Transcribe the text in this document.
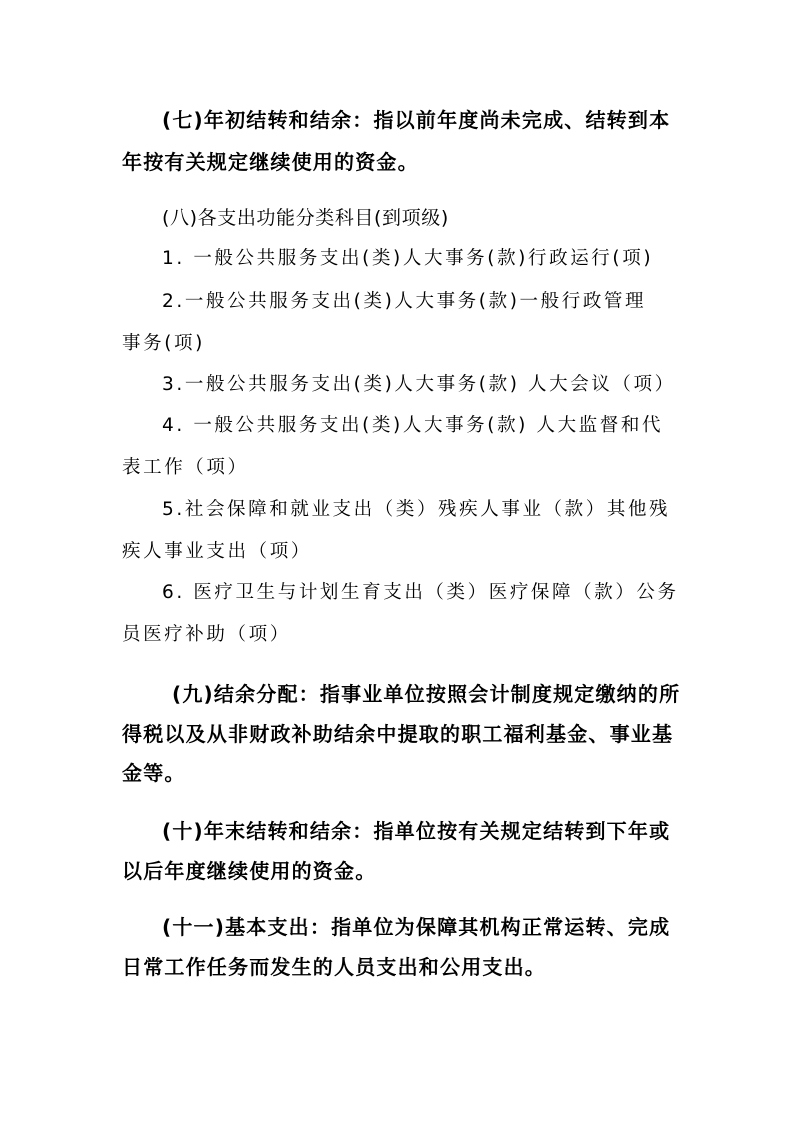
(七)年初结转和结余：指以前年度尚未完成、结转到本

年按有关规定继续使用的资金。

(八)各支出功能分类科目(到项级)

1. 一般公共服务支出(类)人大事务(款)行政运行(项)

2.一般公共服务支出(类)人大事务(款)一般行政管理

事务(项)

3.一般公共服务支出(类)人大事务(款) 人大会议（项）

4. 一般公共服务支出(类)人大事务(款) 人大监督和代

表工作（项）

5.社会保障和就业支出（类）残疾人事业（款）其他残

疾人事业支出（项）

6. 医疗卫生与计划生育支出（类）医疗保障（款）公务

员医疗补助（项）

(九)结余分配：指事业单位按照会计制度规定缴纳的所

得税以及从非财政补助结余中提取的职工福利基金、事业基

金等。

(十)年末结转和结余：指单位按有关规定结转到下年或

以后年度继续使用的资金。

(十一)基本支出：指单位为保障其机构正常运转、完成

日常工作任务而发生的人员支出和公用支出。
